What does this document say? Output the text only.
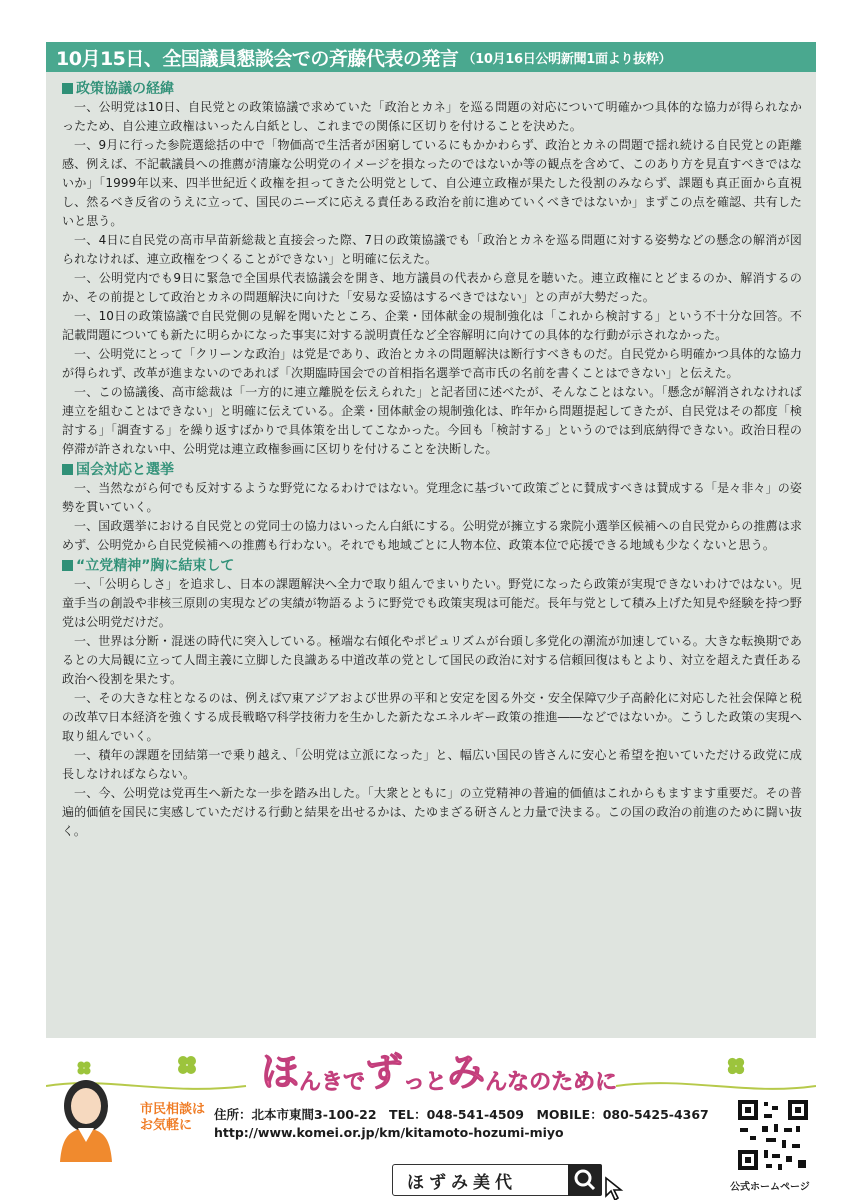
10月15日、全国議員懇談会での斉藤代表の発言 （10月16日公明新聞1面より抜粋）
政策協議の経緯

一、公明党は10日、自民党との政策協議で求めていた「政治とカネ」を巡る問題の対応について明確かつ具体的な協力が得られなかったため、自公連立政権はいったん白紙とし、これまでの関係に区切りを付けることを決めた。

一、9月に行った参院選総括の中で「物価高で生活者が困窮しているにもかかわらず、政治とカネの問題で揺れ続ける自民党との距離感、例えば、不記載議員への推薦が清廉な公明党のイメージを損なったのではないか等の観点を含めて、このあり方を見直すべきではないか」「1999年以来、四半世紀近く政権を担ってきた公明党として、自公連立政権が果たした役割のみならず、課題も真正面から直視し、然るべき反省のうえに立って、国民のニーズに応える責任ある政治を前に進めていくべきではないか」まずこの点を確認、共有したいと思う。

一、4日に自民党の高市早苗新総裁と直接会った際、7日の政策協議でも「政治とカネを巡る問題に対する姿勢などの懸念の解消が図られなければ、連立政権をつくることができない」と明確に伝えた。

一、公明党内でも9日に緊急で全国県代表協議会を開き、地方議員の代表から意見を聴いた。連立政権にとどまるのか、解消するのか、その前提として政治とカネの問題解決に向けた「安易な妥協はするべきではない」との声が大勢だった。

一、10日の政策協議で自民党側の見解を聞いたところ、企業・団体献金の規制強化は「これから検討する」という不十分な回答。不記載問題についても新たに明らかになった事実に対する説明責任など全容解明に向けての具体的な行動が示されなかった。

一、公明党にとって「クリーンな政治」は党是であり、政治とカネの問題解決は断行すべきものだ。自民党から明確かつ具体的な協力が得られず、改革が進まないのであれば「次期臨時国会での首相指名選挙で高市氏の名前を書くことはできない」と伝えた。

一、この協議後、高市総裁は「一方的に連立離脱を伝えられた」と記者団に述べたが、そんなことはない。「懸念が解消されなければ連立を組むことはできない」と明確に伝えている。企業・団体献金の規制強化は、昨年から問題提起してきたが、自民党はその都度「検討する」「調査する」を繰り返すばかりで具体策を出してこなかった。今回も「検討する」というのでは到底納得できない。政治日程の停滞が許されない中、公明党は連立政権参画に区切りを付けることを決断した。

国会対応と選挙

一、当然ながら何でも反対するような野党になるわけではない。党理念に基づいて政策ごとに賛成すべきは賛成する「是々非々」の姿勢を貫いていく。

一、国政選挙における自民党との党同士の協力はいったん白紙にする。公明党が擁立する衆院小選挙区候補への自民党からの推薦は求めず、公明党から自民党候補への推薦も行わない。それでも地域ごとに人物本位、政策本位で応援できる地域も少なくないと思う。

“立党精神”胸に結束して

一、「公明らしさ」を追求し、日本の課題解決へ全力で取り組んでまいりたい。野党になったら政策が実現できないわけではない。児童手当の創設や非核三原則の実現などの実績が物語るように野党でも政策実現は可能だ。長年与党として積み上げた知見や経験を持つ野党は公明党だけだ。

一、世界は分断・混迷の時代に突入している。極端な右傾化やポピュリズムが台頭し多党化の潮流が加速している。大きな転換期であるとの大局観に立って人間主義に立脚した良識ある中道改革の党として国民の政治に対する信頼回復はもとより、対立を超えた責任ある政治へ役割を果たす。

一、その大きな柱となるのは、例えば▽東アジアおよび世界の平和と安定を図る外交・安全保障▽少子高齢化に対応した社会保障と税の改革▽日本経済を強くする成長戦略▽科学技術力を生かした新たなエネルギー政策の推進――などではないか。こうした政策の実現へ取り組んでいく。

一、積年の課題を団結第一で乗り越え、「公明党は立派になった」と、幅広い国民の皆さんに安心と希望を抱いていただける政党に成長しなければならない。

一、今、公明党は党再生へ新たな一歩を踏み出した。「大衆とともに」の立党精神の普遍的価値はこれからもますます重要だ。その普遍的価値を国民に実感していただける行動と結果を出せるかは、たゆまざる研さんと力量で決まる。この国の政治の前進のために闘い抜く。

ほ んきで ず っと み んなのために
市民相談は
お気軽に
住所：北本市東間3-100-22　TEL：048-541-4509　MOBILE：080-5425-4367
http://www.komei.or.jp/km/kitamoto-hozumi-miyo
ほずみ美代	公式ホームページ
